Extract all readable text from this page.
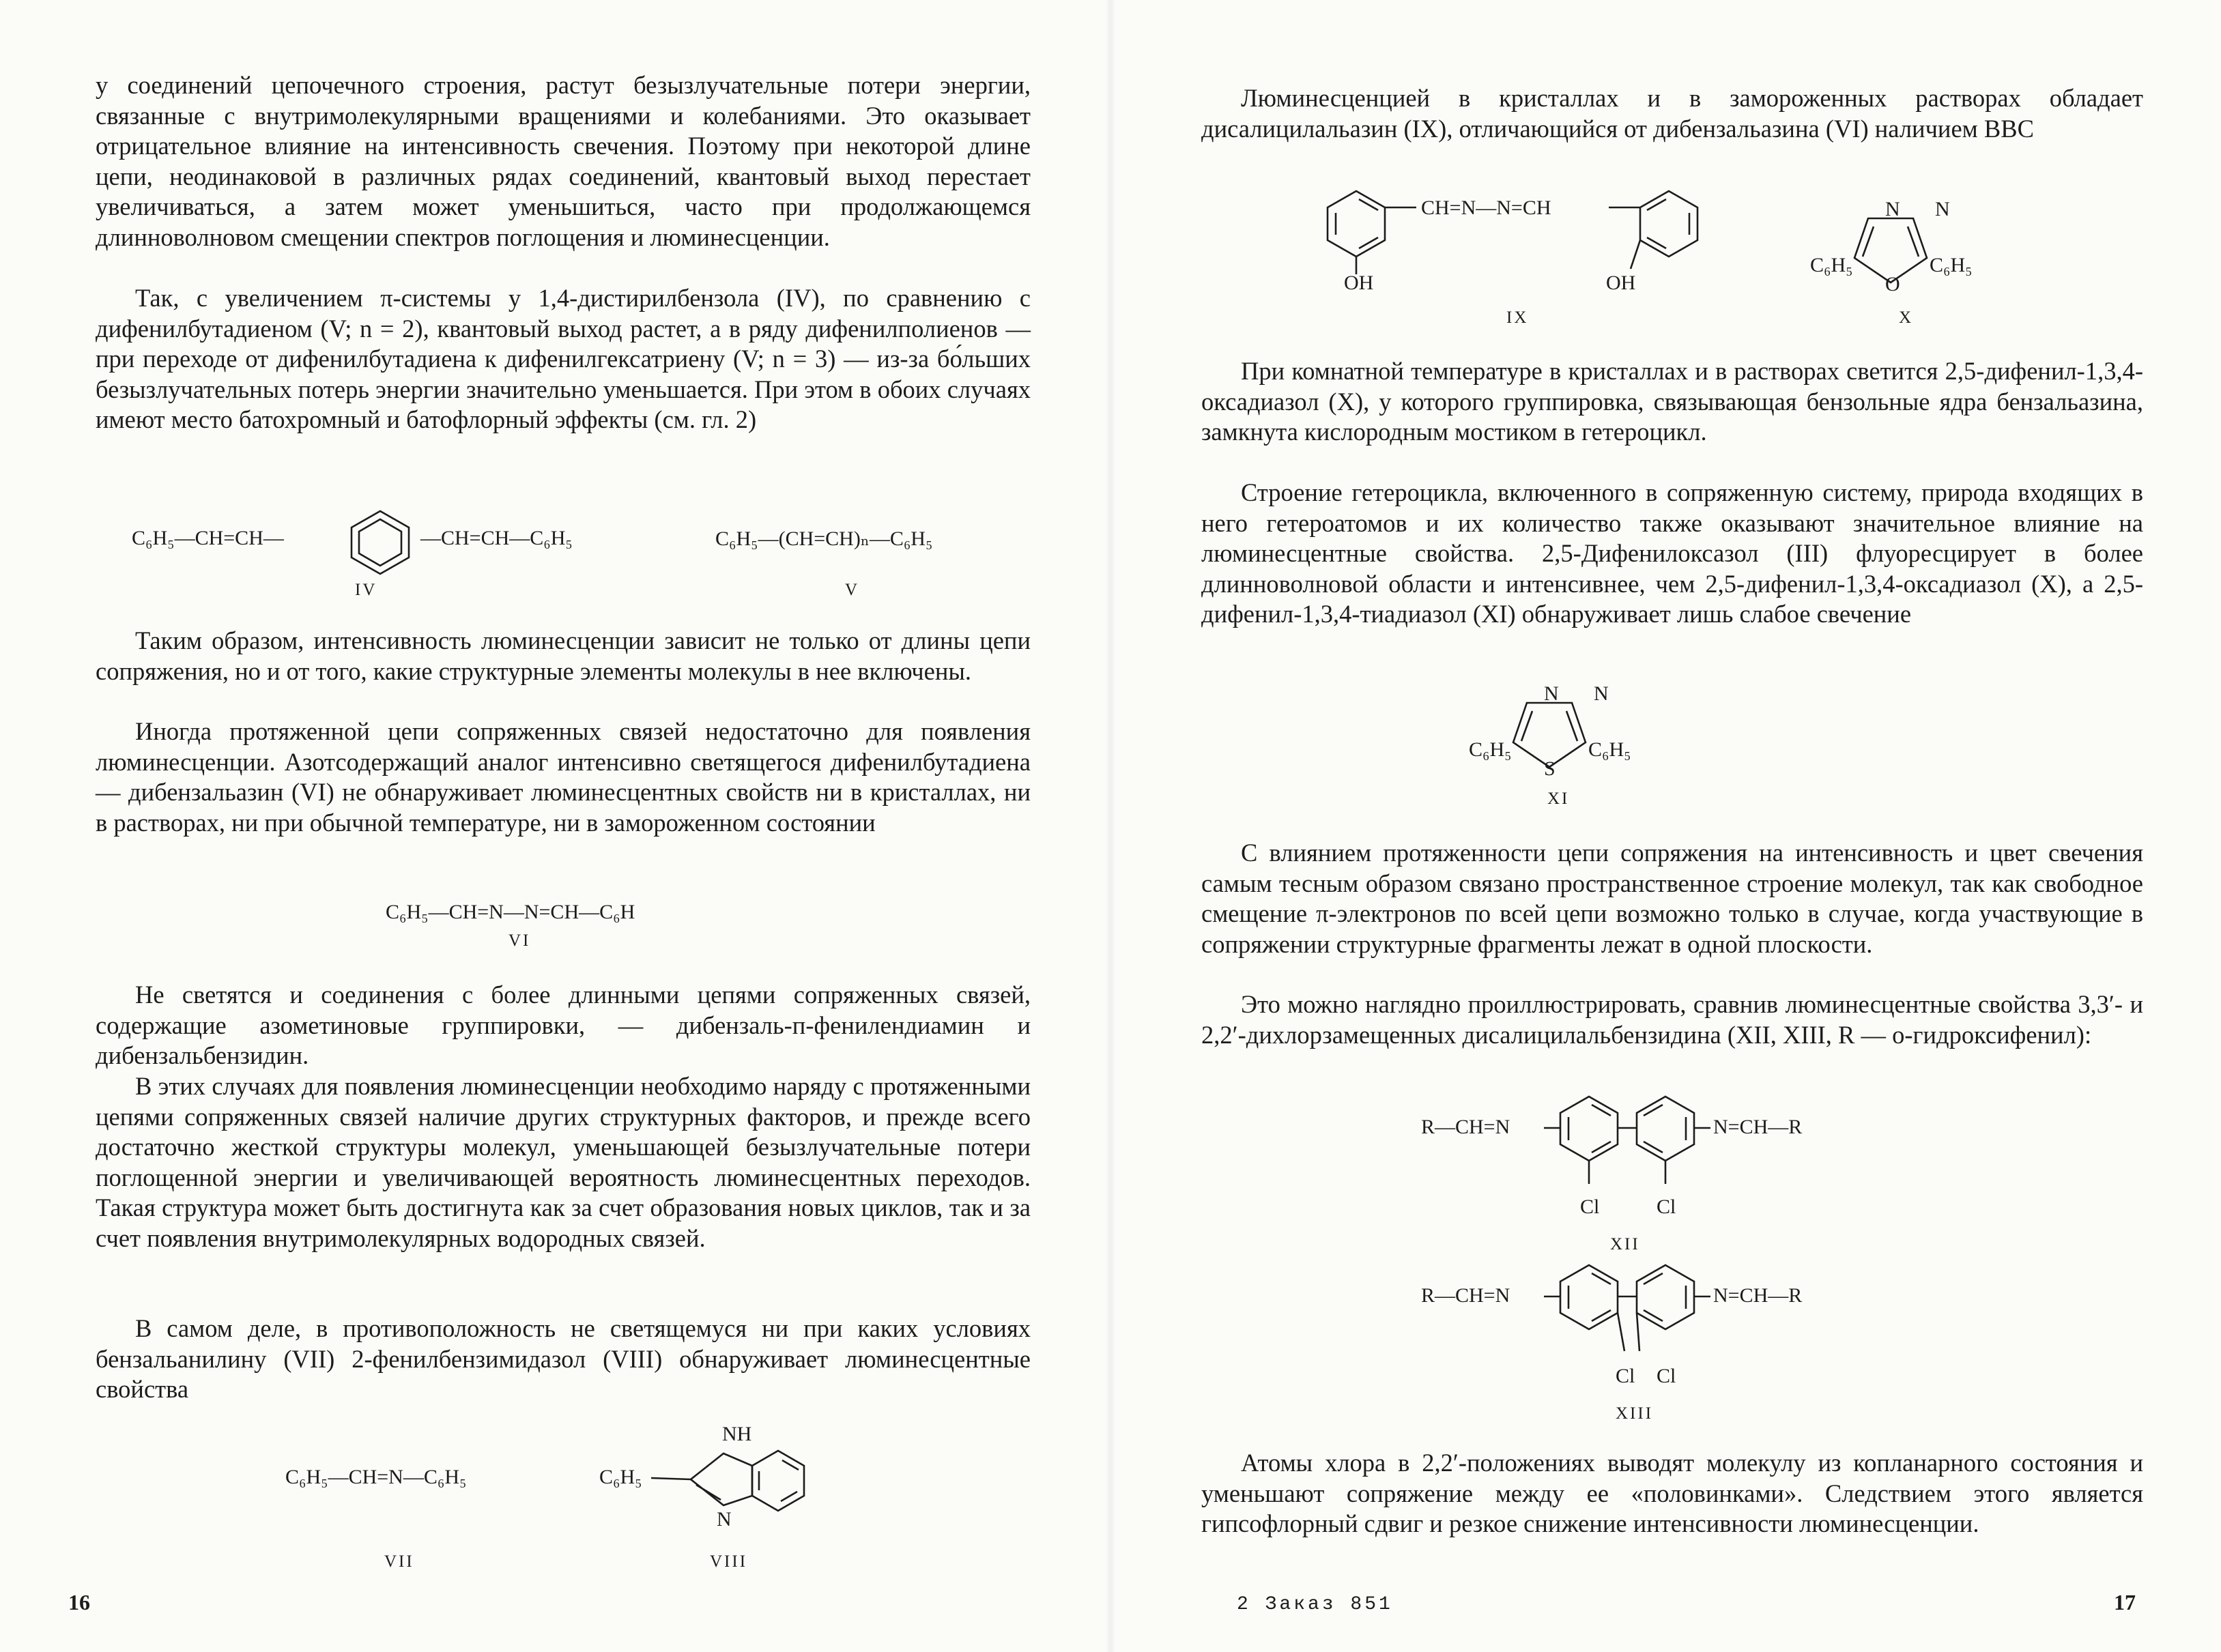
у соединений цепочечного строения, растут безызлучательные потери энергии, связанные с внутримолекулярными вращениями и колебаниями. Это оказывает отрицательное влияние на интенсивность свечения. Поэтому при некоторой длине цепи, неодинаковой в различных рядах соединений, квантовый выход перестает увеличиваться, а затем может уменьшиться, часто при продолжающемся длинноволновом смещении спектров поглощения и люминесценции.

Так, с увеличением π-системы у 1,4-дистирилбензола (IV), по сравнению с дифенилбутадиеном (V; n = 2), квантовый выход растет, а в ряду дифенилполиенов — при переходе от дифенилбутадиена к дифенилгексатриену (V; n = 3) — из-за бо́льших безызлучательных потерь энергии значительно уменьшается. При этом в обоих случаях имеют место батохромный и батофлорный эффекты (см. гл. 2)

C₆H₅—CH=CH—	—CH=CH—C₆H₅
IV
C₆H₅—(CH=CH)ₙ—C₆H₅
V

Таким образом, интенсивность люминесценции зависит не только от длины цепи сопряжения, но и от того, какие структурные элементы молекулы в нее включены.

Иногда протяженной цепи сопряженных связей недостаточно для появления люминесценции. Азотсодержащий аналог интенсивно светящегося дифенилбутадиена — дибензальазин (VI) не обнаруживает люминесцентных свойств ни в кристаллах, ни в растворах, ни при обычной температуре, ни в замороженном состоянии

C₆H₅—CH=N—N=CH—C₆H
VI

Не светятся и соединения с более длинными цепями сопряженных связей, содержащие азометиновые группировки, — дибензаль-п-фенилендиамин и дибензальбензидин.

В этих случаях для появления люминесценции необходимо наряду с протяженными цепями сопряженных связей наличие других структурных факторов, и прежде всего достаточно жесткой структуры молекул, уменьшающей безызлучательные потери поглощенной энергии и увеличивающей вероятность люминесцентных переходов. Такая структура может быть достигнута как за счет образования новых циклов, так и за счет появления внутримолекулярных водородных связей.

В самом деле, в противоположность не светящемуся ни при каких условиях бензальанилину (VII) 2-фенилбензимидазол (VIII) обнаруживает люминесцентные свойства

C₆H₅—CH=N—C₆H₅
VII
C₆H₅
NH
N
VIII
16

Люминесценцией в кристаллах и в замороженных растворах обладает дисалицилальазин (IX), отличающийся от дибензальазина (VI) наличием ВВС

CH=N—N=CH
OH	OH
IX
N N
C₆H₅	C₆H₅
O
X

При комнатной температуре в кристаллах и в растворах светится 2,5-дифенил-1,3,4-оксадиазол (X), у которого группировка, связывающая бензольные ядра бензальазина, замкнута кислородным мостиком в гетероцикл.

Строение гетероцикла, включенного в сопряженную систему, природа входящих в него гетероатомов и их количество также оказывают значительное влияние на люминесцентные свойства. 2,5-Дифенилоксазол (III) флуоресцирует в более длинноволновой области и интенсивнее, чем 2,5-дифенил-1,3,4-оксадиазол (X), а 2,5-дифенил-1,3,4-тиадиазол (XI) обнаруживает лишь слабое свечение

N N
C₆H₅	C₆H₅
S
XI

С влиянием протяженности цепи сопряжения на интенсивность и цвет свечения самым тесным образом связано пространственное строение молекул, так как свободное смещение π-электронов по всей цепи возможно только в случае, когда участвующие в сопряжении структурные фрагменты лежат в одной плоскости.

Это можно наглядно проиллюстрировать, сравнив люминесцентные свойства 3,3′- и 2,2′-дихлорзамещенных дисалицилальбензидина (XII, XIII, R — о-гидроксифенил):

R—CH=N	N=CH—R
Cl	Cl
XII
R—CH=N	N=CH—R
Cl Cl
XIII

Атомы хлора в 2,2′-положениях выводят молекулу из копланарного состояния и уменьшают сопряжение между ее «половинками». Следствием этого является гипсофлорный сдвиг и резкое снижение интенсивности люминесценции.

2 Заказ 851	17
